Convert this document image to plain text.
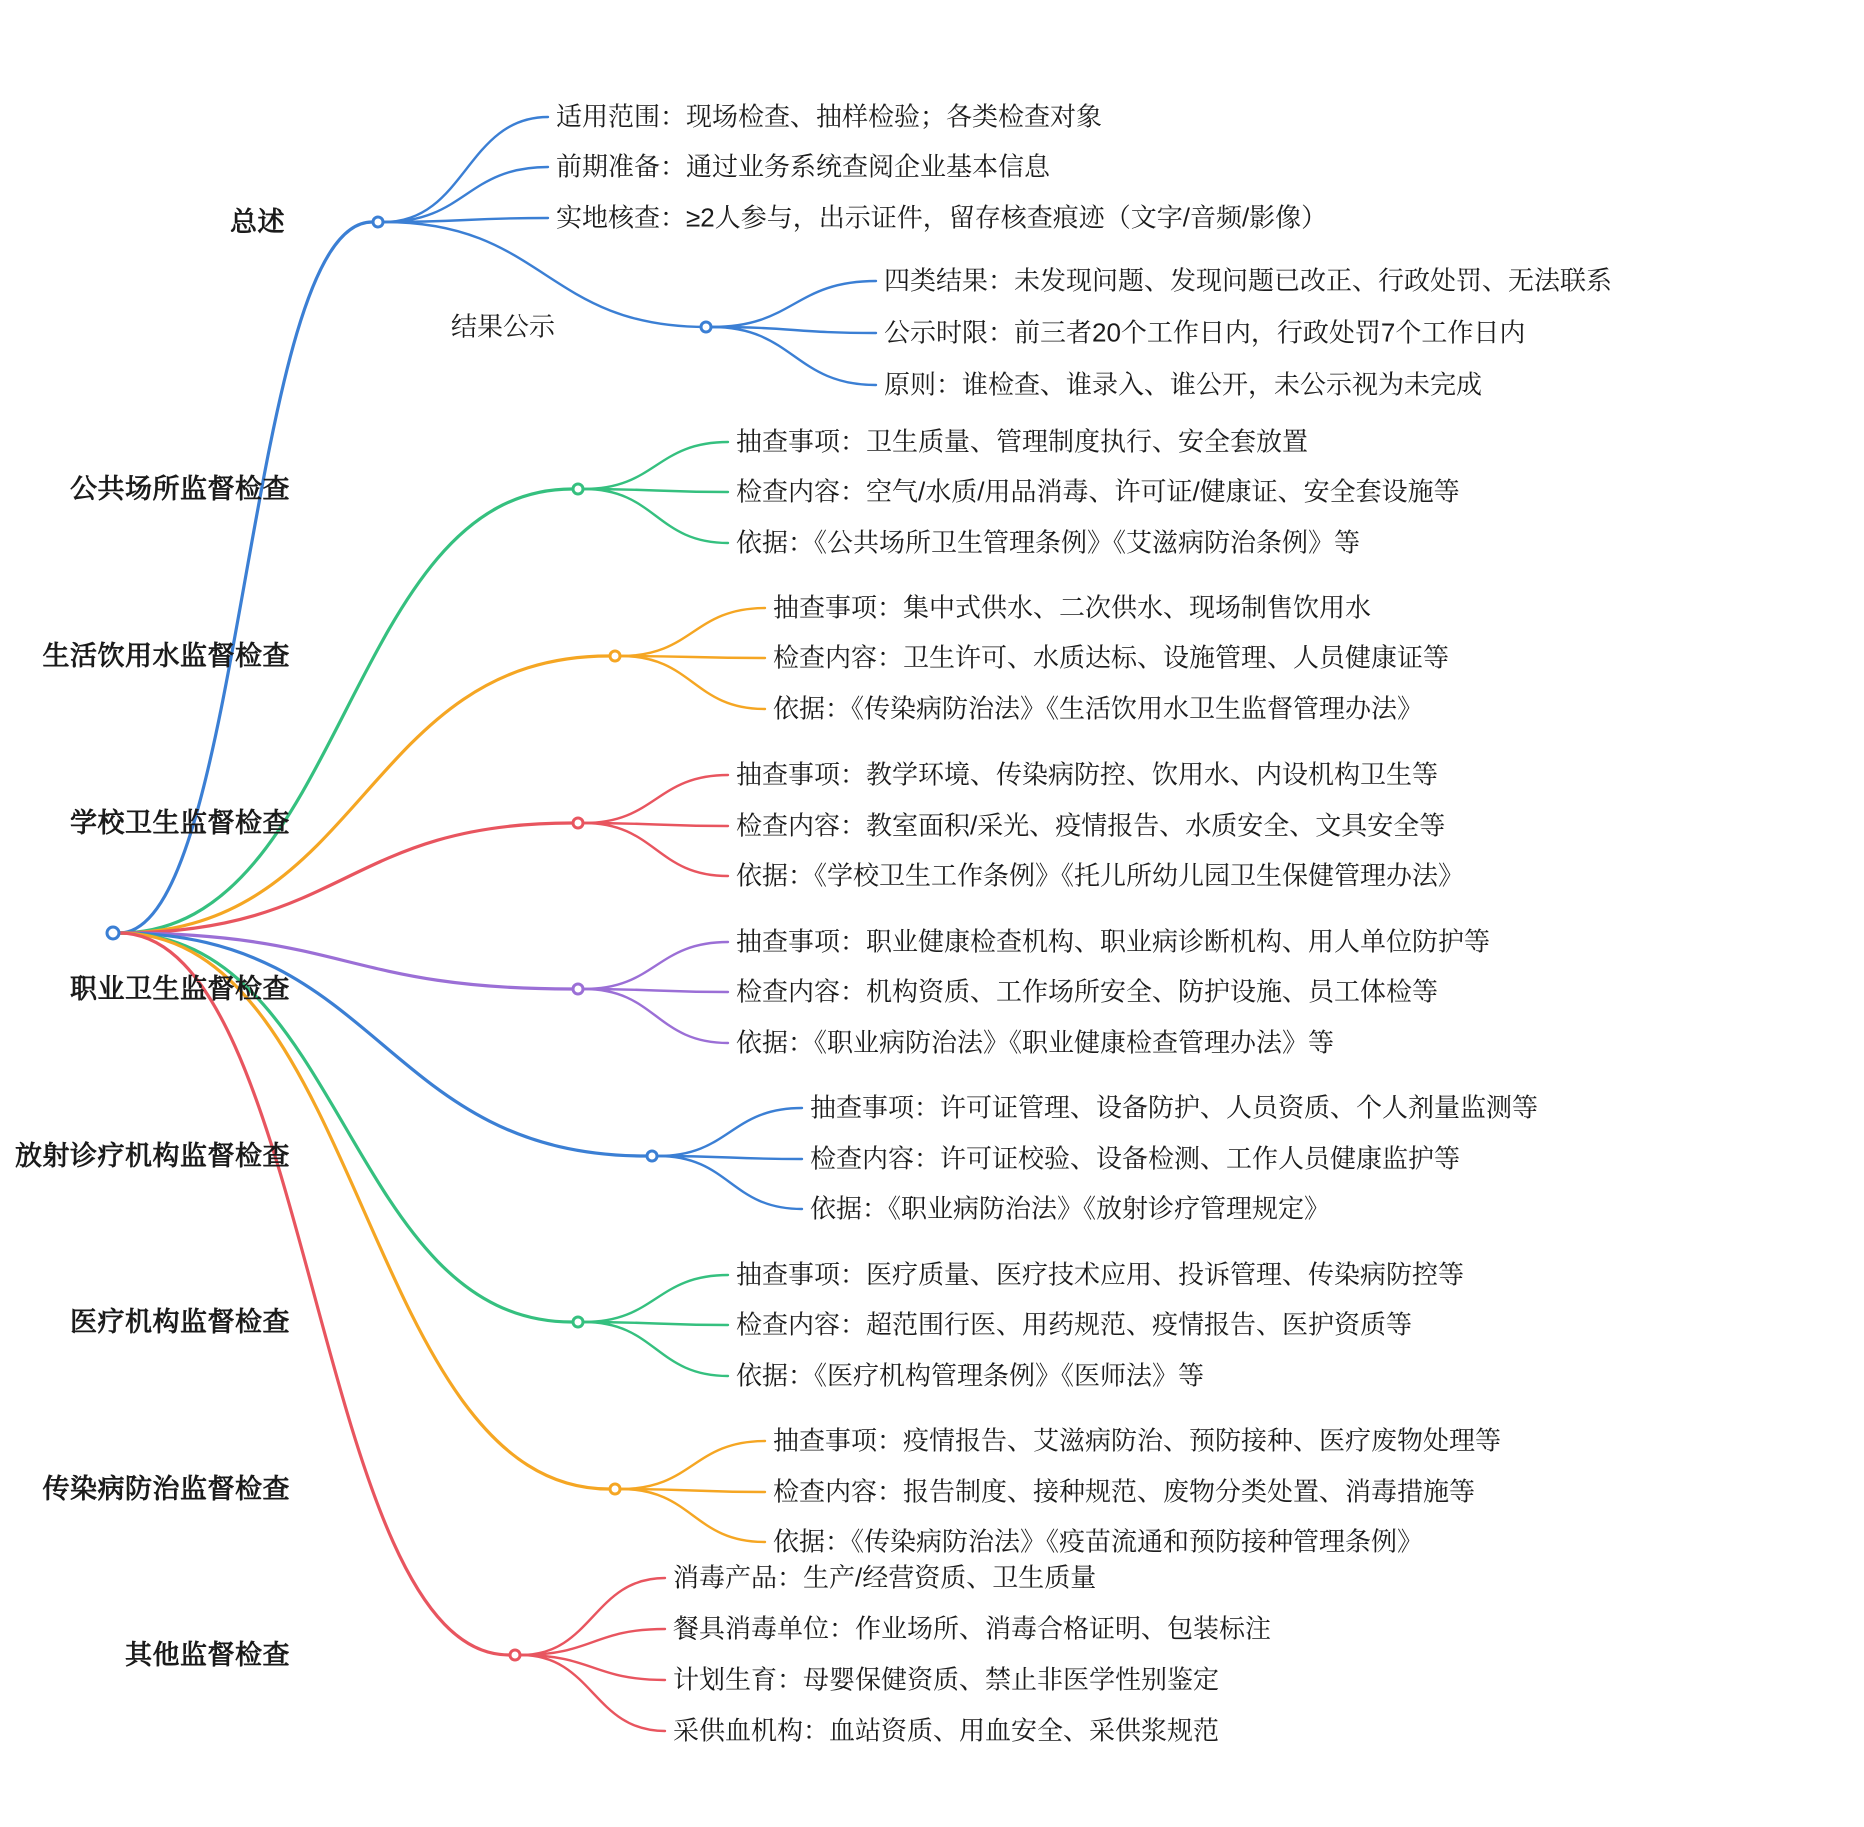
总述
适用范围：现场检查、抽样检验；各类检查对象
前期准备：通过业务系统查阅企业基本信息
实地核查：≥2人参与，出示证件，留存核查痕迹（文字/音频/影像）
结果公示
四类结果：未发现问题、发现问题已改正、行政处罚、无法联系
公示时限：前三者20个工作日内，行政处罚7个工作日内
原则：谁检查、谁录入、谁公开，未公示视为未完成
公共场所监督检查
抽查事项：卫生质量、管理制度执行、安全套放置
检查内容：空气/水质/用品消毒、许可证/健康证、安全套设施等
依据：《公共场所卫生管理条例》《艾滋病防治条例》等
生活饮用水监督检查
抽查事项：集中式供水、二次供水、现场制售饮用水
检查内容：卫生许可、水质达标、设施管理、人员健康证等
依据：《传染病防治法》《生活饮用水卫生监督管理办法》
学校卫生监督检查
抽查事项：教学环境、传染病防控、饮用水、内设机构卫生等
检查内容：教室面积/采光、疫情报告、水质安全、文具安全等
依据：《学校卫生工作条例》《托儿所幼儿园卫生保健管理办法》
职业卫生监督检查
抽查事项：职业健康检查机构、职业病诊断机构、用人单位防护等
检查内容：机构资质、工作场所安全、防护设施、员工体检等
依据：《职业病防治法》《职业健康检查管理办法》等
放射诊疗机构监督检查
抽查事项：许可证管理、设备防护、人员资质、个人剂量监测等
检查内容：许可证校验、设备检测、工作人员健康监护等
依据：《职业病防治法》《放射诊疗管理规定》
医疗机构监督检查
抽查事项：医疗质量、医疗技术应用、投诉管理、传染病防控等
检查内容：超范围行医、用药规范、疫情报告、医护资质等
依据：《医疗机构管理条例》《医师法》等
传染病防治监督检查
抽查事项：疫情报告、艾滋病防治、预防接种、医疗废物处理等
检查内容：报告制度、接种规范、废物分类处置、消毒措施等
依据：《传染病防治法》《疫苗流通和预防接种管理条例》
其他监督检查
消毒产品：生产/经营资质、卫生质量
餐具消毒单位：作业场所、消毒合格证明、包装标注
计划生育：母婴保健资质、禁止非医学性别鉴定
采供血机构：血站资质、用血安全、采供浆规范
